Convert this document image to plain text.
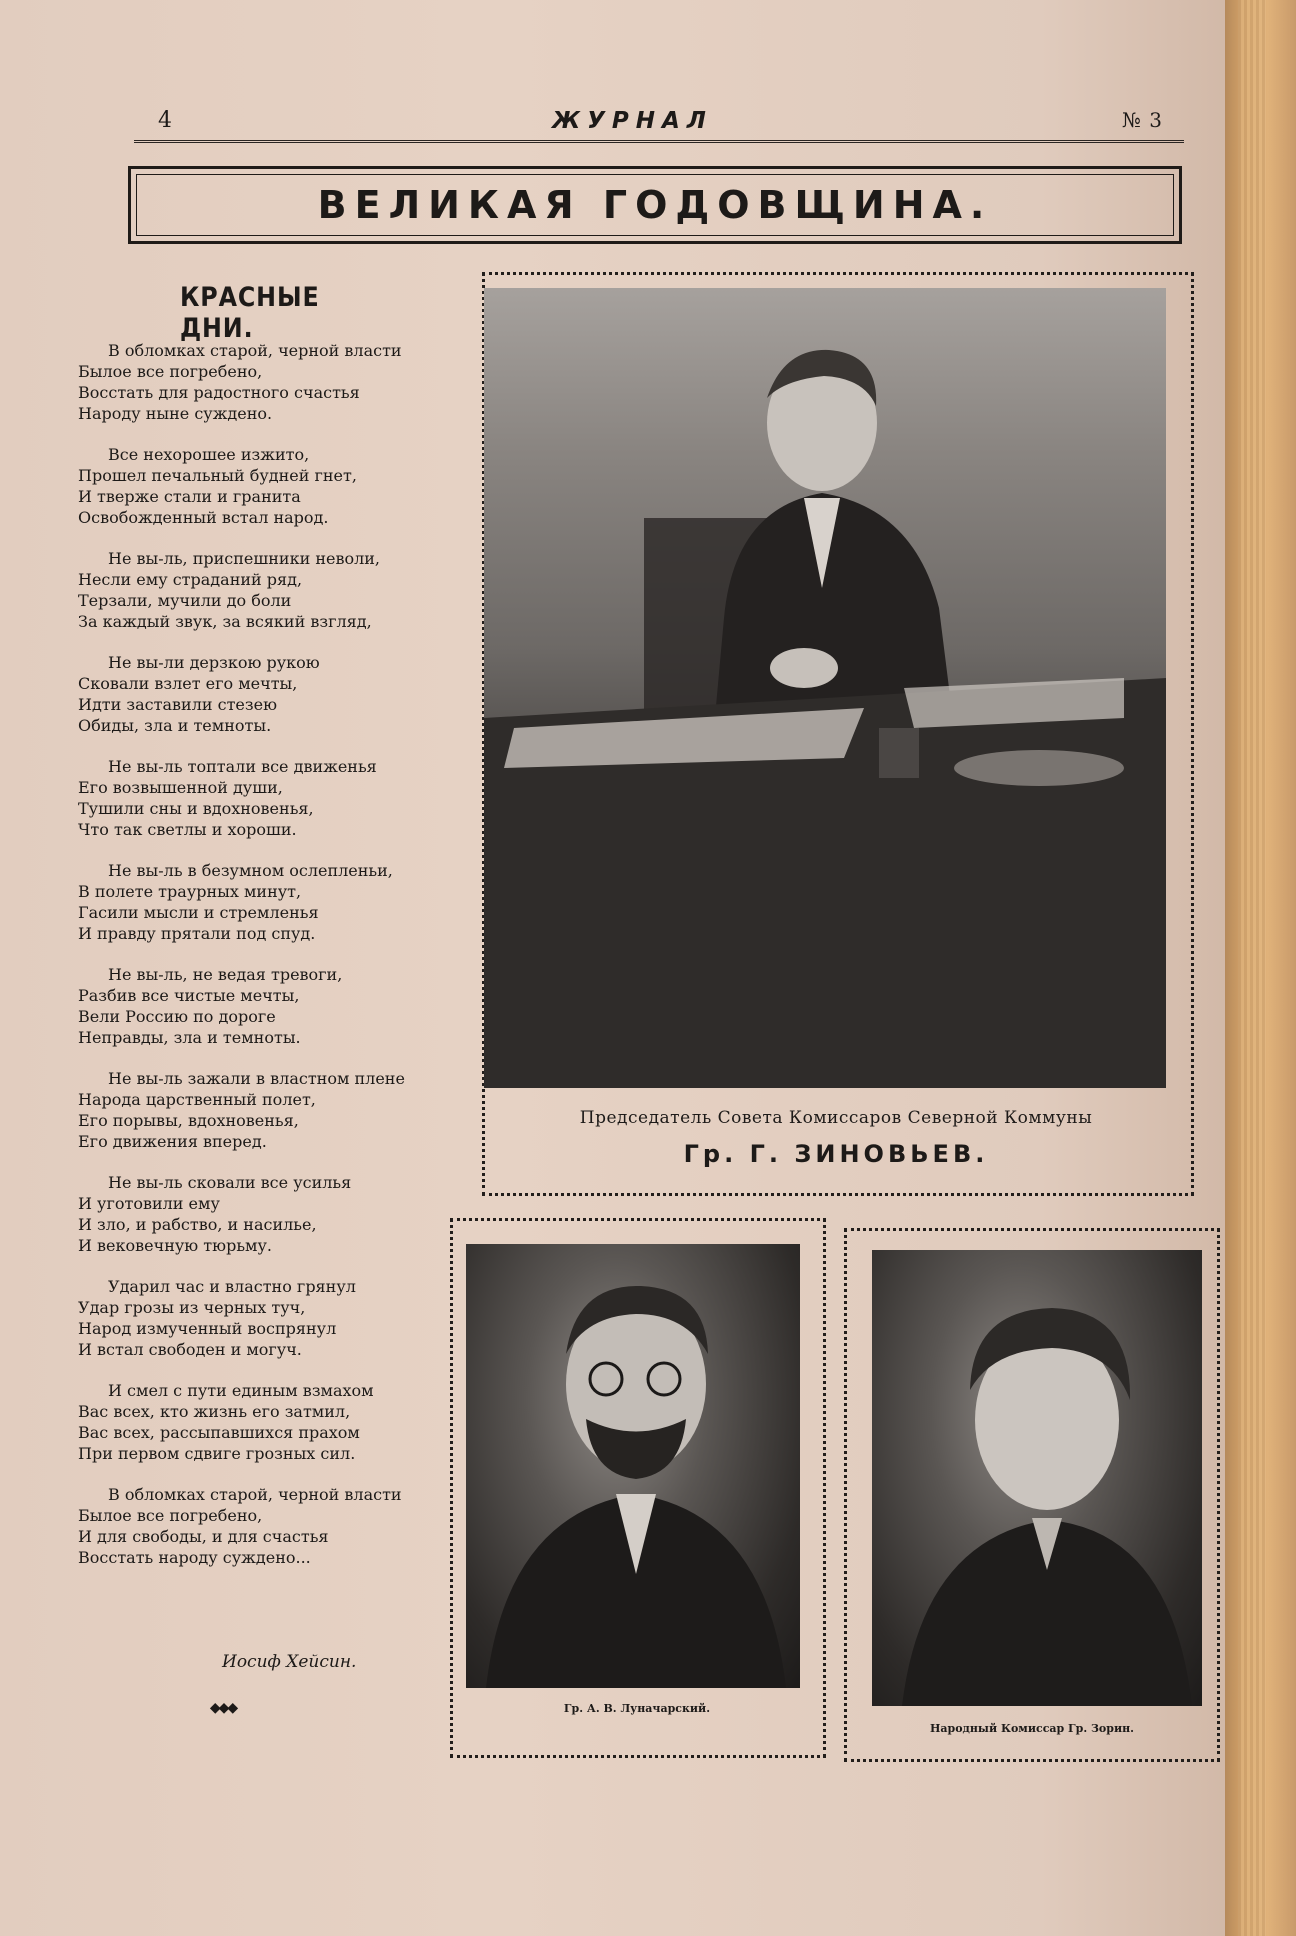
4	ЖУРНАЛ	№ 3
ВЕЛИКАЯ ГОДОВЩИНА.
КРАСНЫЕ ДНИ.
В обломках старой, черной власти
Былое все погребено,
Восстать для радостного счастья
Народу ныне суждено.
Все нехорошее изжито,
Прошел печальный будней гнет,
И тверже стали и гранита
Освобожденный встал народ.
Не вы-ль, приспешники неволи,
Несли ему страданий ряд,
Терзали, мучили до боли
За каждый звук, за всякий взгляд,
Не вы-ли дерзкою рукою
Сковали взлет его мечты,
Идти заставили стезею
Обиды, зла и темноты.
Не вы-ль топтали все движенья
Его возвышенной души,
Тушили сны и вдохновенья,
Что так светлы и хороши.
Не вы-ль в безумном ослепленьи,
В полете траурных минут,
Гасили мысли и стремленья
И правду прятали под спуд.
Не вы-ль, не ведая тревоги,
Разбив все чистые мечты,
Вели Россию по дороге
Неправды, зла и темноты.
Не вы-ль зажали в властном плене
Народа царственный полет,
Его порывы, вдохновенья,
Его движения вперед.
Не вы-ль сковали все усилья
И уготовили ему
И зло, и рабство, и насилье,
И вековечную тюрьму.
Ударил час и властно грянул
Удар грозы из черных туч,
Народ измученный воспрянул
И встал свободен и могуч.
И смел с пути единым взмахом
Вас всех, кто жизнь его затмил,
Вас всех, рассыпавшихся прахом
При первом сдвиге грозных сил.
В обломках старой, черной власти
Былое все погребено,
И для свободы, и для счастья
Восстать народу суждено...
Иосиф Хейсин.
◆◆◆
Председатель Совета Комиссаров Северной Коммуны
Гр. Г. ЗИНОВЬЕВ.
Гр. А. В. Луначарский.
Народный Комиссар Гр. Зорин.
